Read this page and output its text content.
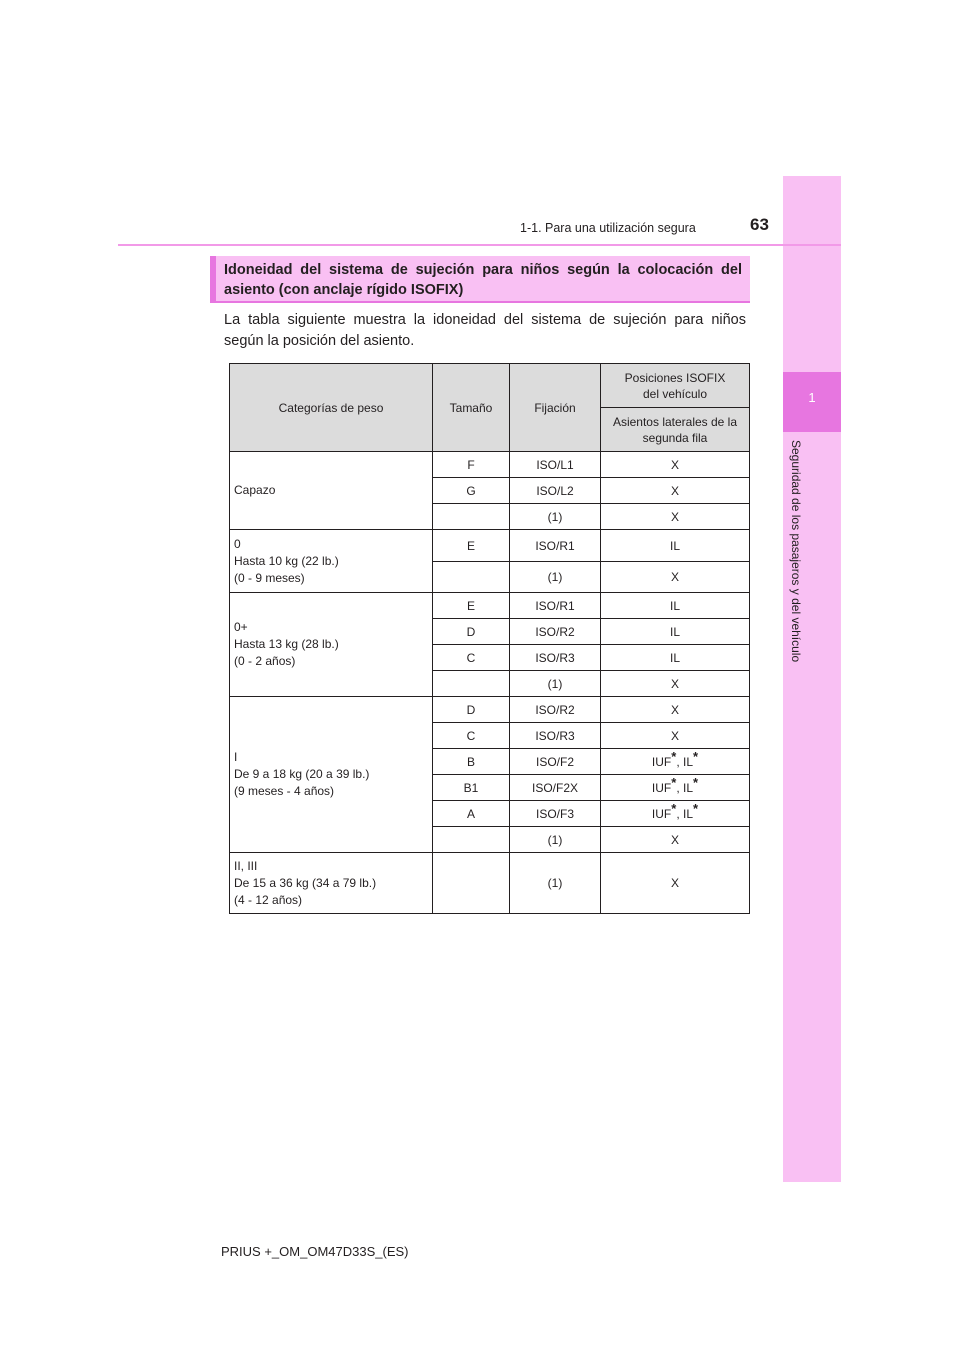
1
Seguridad de los pasajeros y del vehículo
1-1. Para una utilización segura	63
Idoneidad del sistema de sujeción para niños según la colocación del asiento (con anclaje rígido ISOFIX)
La tabla siguiente muestra la idoneidad del sistema de sujeción para niños según la posición del asiento.
Categorías de peso	Tamaño	Fijación	Posiciones ISOFIX del vehículo

			Asientos laterales de la segunda fila

Capazo	F	ISO/L1	X
	G	ISO/L2	X
		(1)	X

0
Hasta 10 kg (22 lb.)
(0 - 9 meses)	E	ISO/R1	IL
		(1)	X

0+
Hasta 13 kg (28 lb.)
(0 - 2 años)	E	ISO/R1	IL
	D	ISO/R2	IL
	C	ISO/R3	IL
		(1)	X

I
De 9 a 18 kg (20 a 39 lb.)
(9 meses - 4 años)	D	ISO/R2	X
	C	ISO/R3	X
	B	ISO/F2	IUF*, IL*
	B1	ISO/F2X	IUF*, IL*
	A	ISO/F3	IUF*, IL*
		(1)	X

II, III
De 15 a 36 kg (34 a 79 lb.)
(4 - 12 años)		(1)	X
PRIUS +_OM_OM47D33S_(ES)
